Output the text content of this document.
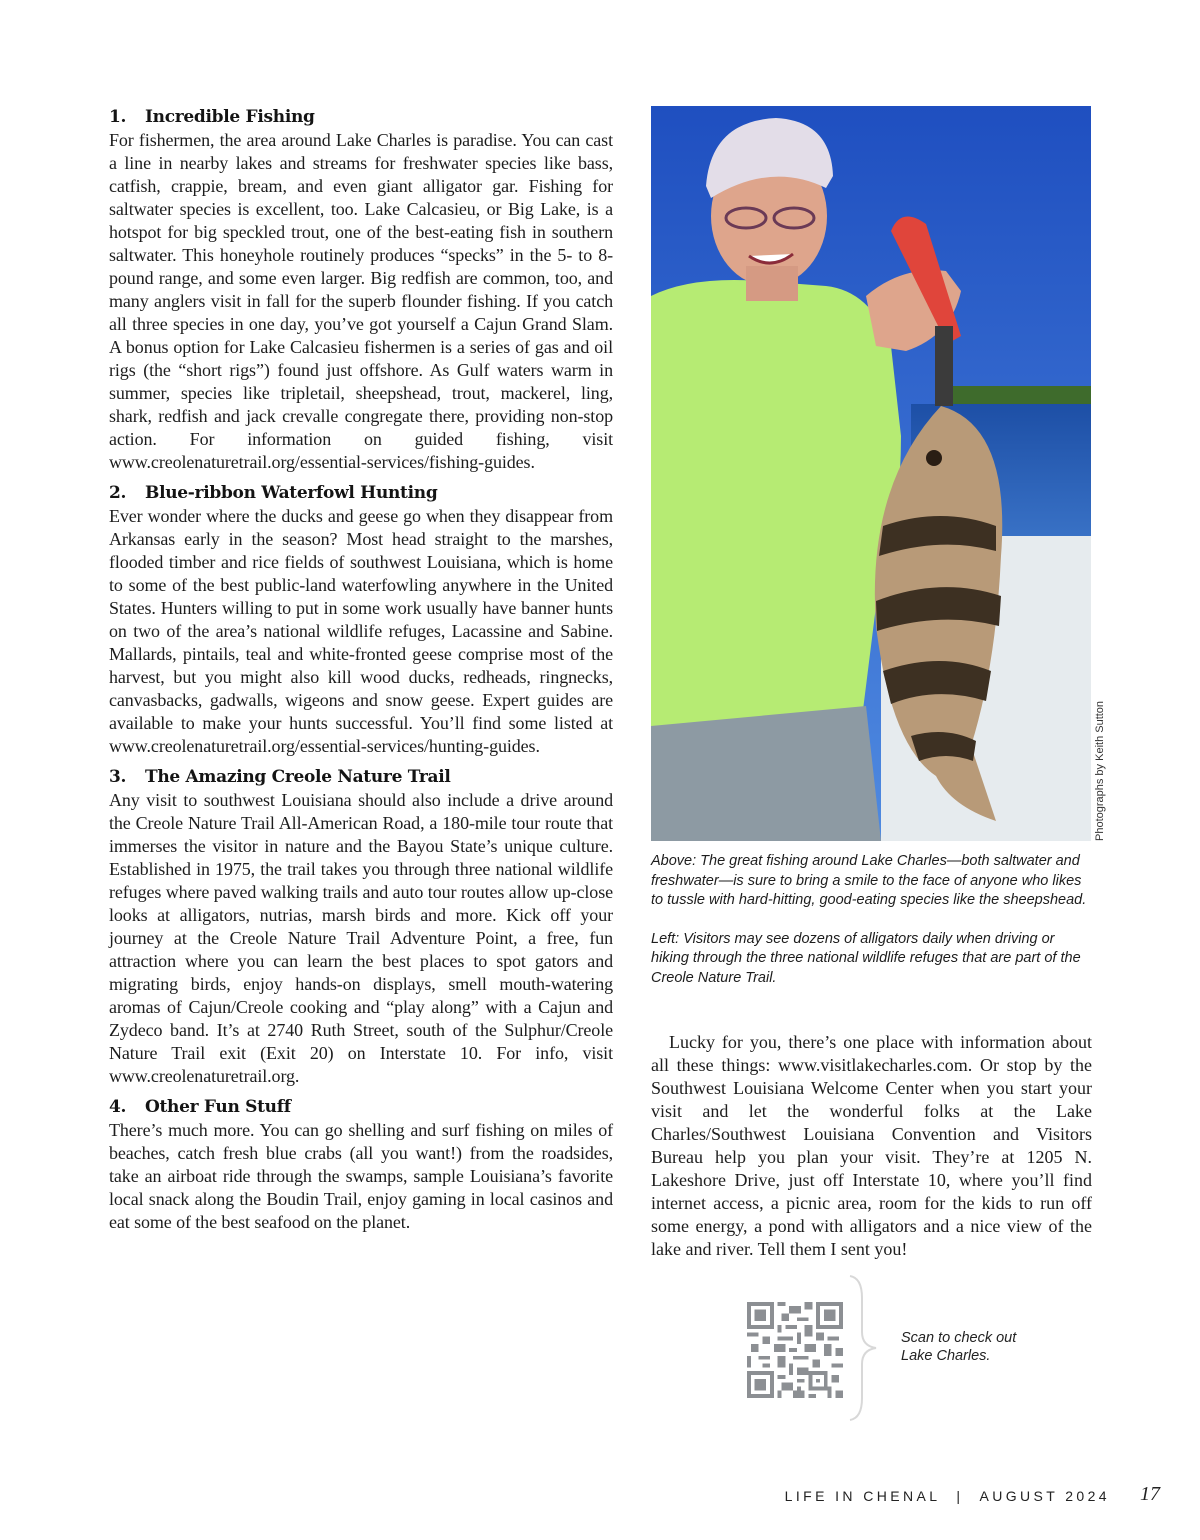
1. Incredible Fishing

For fishermen, the area around Lake Charles is paradise. You can cast a line in nearby lakes and streams for freshwater species like bass, catfish, crappie, bream, and even giant alligator gar. Fishing for saltwater species is excellent, too. Lake Calcasieu, or Big Lake, is a hotspot for big speckled trout, one of the best-eating fish in southern saltwater. This honeyhole routinely produces “specks” in the 5- to 8-pound range, and some even larger. Big redfish are common, too, and many anglers visit in fall for the superb flounder fishing. If you catch all three species in one day, you’ve got yourself a Cajun Grand Slam. A bonus option for Lake Calcasieu fishermen is a series of gas and oil rigs (the “short rigs”) found just offshore. As Gulf waters warm in summer, species like tripletail, sheepshead, trout, mackerel, ling, shark, redfish and jack crevalle congregate there, providing non-stop action. For information on guided fishing, visit www.creolenaturetrail.org/essential-services/fishing-guides.

2. Blue-ribbon Waterfowl Hunting

Ever wonder where the ducks and geese go when they disappear from Arkansas early in the season? Most head straight to the marshes, flooded timber and rice fields of southwest Louisiana, which is home to some of the best public-land waterfowling anywhere in the United States. Hunters willing to put in some work usually have banner hunts on two of the area’s national wildlife refuges, Lacassine and Sabine. Mallards, pintails, teal and white-fronted geese comprise most of the harvest, but you might also kill wood ducks, redheads, ringnecks, canvasbacks, gadwalls, wigeons and snow geese. Expert guides are available to make your hunts successful. You’ll find some listed at www.creolenaturetrail.org/essential-services/hunting-guides.

3. The Amazing Creole Nature Trail

Any visit to southwest Louisiana should also include a drive around the Creole Nature Trail All-American Road, a 180-mile tour route that immerses the visitor in nature and the Bayou State’s unique culture. Established in 1975, the trail takes you through three national wildlife refuges where paved walking trails and auto tour routes allow up-close looks at alligators, nutrias, marsh birds and more. Kick off your journey at the Creole Nature Trail Adventure Point, a free, fun attraction where you can learn the best places to spot gators and migrating birds, enjoy hands-on displays, smell mouth-watering aromas of Cajun/Creole cooking and “play along” with a Cajun and Zydeco band. It’s at 2740 Ruth Street, south of the Sulphur/Creole Nature Trail exit (Exit 20) on Interstate 10. For info, visit www.creolenaturetrail.org.

4. Other Fun Stuff

There’s much more. You can go shelling and surf fishing on miles of beaches, catch fresh blue crabs (all you want!) from the roadsides, take an airboat ride through the swamps, sample Louisiana’s favorite local snack along the Boudin Trail, enjoy gaming in local casinos and eat some of the best seafood on the planet.

Photographs by Keith Sutton

Above: The great fishing around Lake Charles—both saltwater and freshwater—is sure to bring a smile to the face of anyone who likes to tussle with hard-hitting, good-eating species like the sheepshead.

Left: Visitors may see dozens of alligators daily when driving or hiking through the three national wildlife refuges that are part of the Creole Nature Trail.

Lucky for you, there’s one place with information about all these things: www.visitlakecharles.com. Or stop by the Southwest Louisiana Welcome Center when you start your visit and let the wonderful folks at the Lake Charles/Southwest Louisiana Convention and Visitors Bureau help you plan your visit. They’re at 1205 N. Lakeshore Drive, just off Interstate 10, where you’ll find internet access, a picnic area, room for the kids to run off some energy, a pond with alligators and a nice view of the lake and river. Tell them I sent you!

Scan to check out
Lake Charles.
LIFE IN CHENAL | AUGUST 2024 17
